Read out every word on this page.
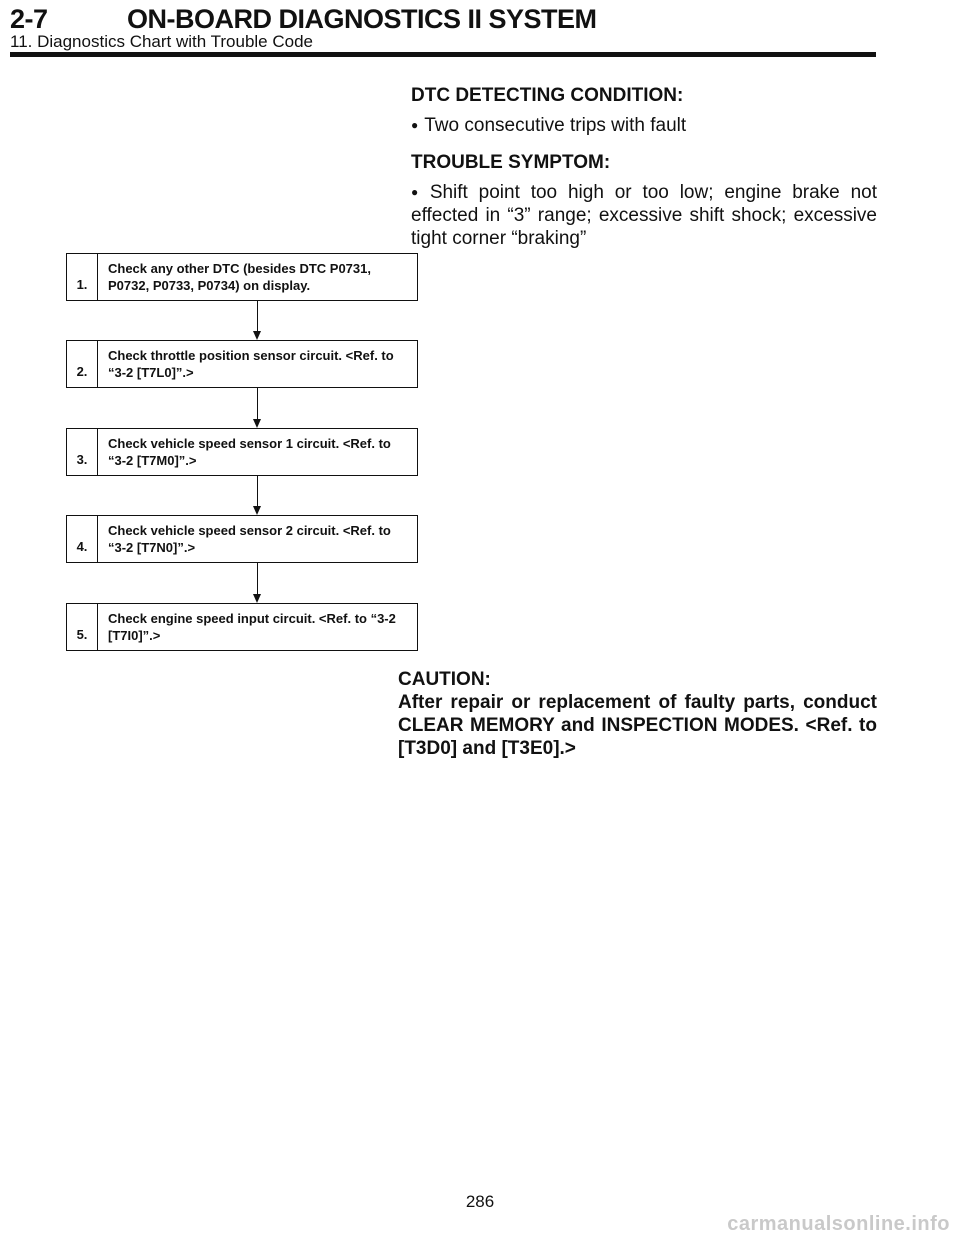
2-7	ON-BOARD DIAGNOSTICS II SYSTEM
11. Diagnostics Chart with Trouble Code
DTC DETECTING CONDITION:
● Two consecutive trips with fault
TROUBLE SYMPTOM:
● Shift point too high or too low; engine brake not effected in “3” range; excessive shift shock; excessive tight corner “braking”
1.
Check any other DTC (besides DTC P0731, P0732, P0733, P0734) on display.
2.
Check throttle position sensor circuit. <Ref. to “3-2 [T7L0]”.>
3.
Check vehicle speed sensor 1 circuit. <Ref. to “3-2 [T7M0]”.>
4.
Check vehicle speed sensor 2 circuit. <Ref. to “3-2 [T7N0]”.>
5.
Check engine speed input circuit. <Ref. to “3-2 [T7I0]”.>
CAUTION:
After repair or replacement of faulty parts, conduct CLEAR MEMORY and INSPECTION MODES. <Ref. to [T3D0] and [T3E0].>
286
carmanualsonline.info
